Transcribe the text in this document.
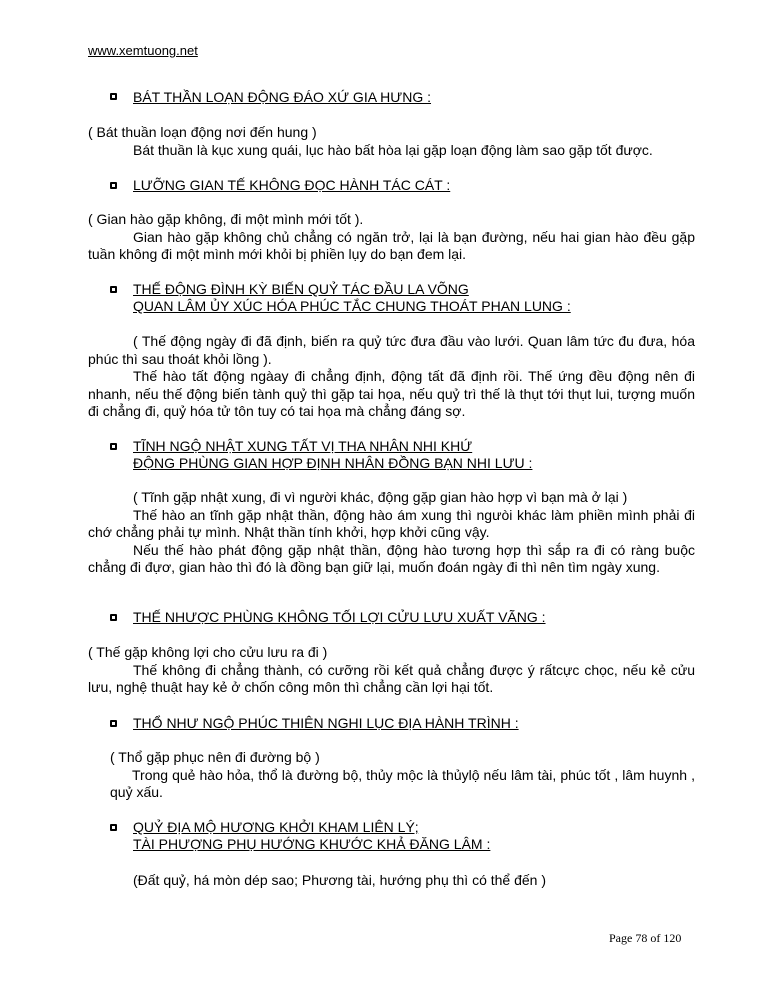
www.xemtuong.net

BÁT THẦN LOẠN ĐỘNG ĐÁO XỨ GIA HƯNG :

( Bát thuần loạn động nơi đến hung )

Bát thuần là kục xung quái, lục hào bất hòa lại gặp loạn động làm sao gặp tốt được.

LƯỠNG GIAN TẾ KHÔNG ĐỌC HÀNH TÁC CÁT :

( Gian hào gặp không, đi một mình mới tốt ).

Gian hào gặp không chủ chẳng có ngăn trở, lại là bạn đường, nếu hai gian hào đều gặp tuần không đi một mình mới khỏi bị phiền lụy do bạn đem lại.

THẾ ĐỘNG ĐÌNH KỲ BIẾN QUỶ TÁC ĐẦU LA VÕNG

QUAN LÂM ỦY XÚC HÓA PHÚC TẮC CHUNG THOÁT PHAN LUNG :

( Thế động ngày đi đã định, biến ra quỷ tức đưa đầu vào lưới. Quan lâm tức đu đưa, hóa phúc thì sau thoát khỏi lồng ).

Thế hào tất động ngàay đi chẳng định, động tất đã định rồi. Thế ứng đều động nên đi nhanh, nếu thế động biến tành quỷ thì gặp tai họa, nếu quỷ trì thế là thụt tới thụt lui, tượng muốn đi chẳng đi, quỷ hóa tử tôn tuy có tai họa mà chẳng đáng sợ.

TĨNH NGỘ NHẬT XUNG TẤT VỊ THA NHÂN NHI KHỨ

ĐỘNG PHÙNG GIAN HỢP ĐỊNH NHÂN ĐỒNG BẠN NHI LƯU :

( Tĩnh gặp nhật xung, đi vì người khác, động gặp gian hào hợp vì bạn mà ở lại )

Thế hào an tĩnh gặp nhật thần, động hào ám xung thì ngưòi khác làm phiền mình phải đi chớ chẳng phải tự mình. Nhật thần tính khởi, hợp khởi cũng vậy.

Nếu thế hào phát động gặp nhật thần, động hào tương hợp thì sắp ra đi có ràng buộc chẳng đi đựơ, gian hào thì đó là đồng bạn giữ lại, muốn đoán ngày đi thì nên tìm ngày xung.

THẾ NHƯỢC PHÙNG KHÔNG TỐI LỢI CỬU LƯU XUẤT VÃNG :

( Thế gặp không lợi cho cửu lưu ra đi )

Thế không đi chẳng thành, có cưỡng rồi kết quả chẳng được ý rấtcực chọc, nếu kẻ cửu lưu, nghệ thuật hay kẻ ở chốn công môn thì chẳng cần lợi hại tốt.

THỔ NHƯ NGỘ PHÚC THIÊN NGHI LỤC ĐỊA HÀNH TRÌNH :

( Thổ gặp phục nên đi đường bộ )

Trong quẻ hào hỏa, thổ là đường bộ, thủy mộc là thủylộ nếu lâm tài, phúc tốt , lâm huynh , quỷ xấu.

QUỶ ĐỊA MỘ HƯƠNG KHỞI KHAM LIÊN LÝ;

TÀI PHƯỢNG PHỤ HƯỚNG KHƯỚC KHẢ ĐĂNG LÂM :

(Đất quỷ, há mòn dép sao; Phương tài, hướng phụ thì có thể đến )

Page 78 of 120
